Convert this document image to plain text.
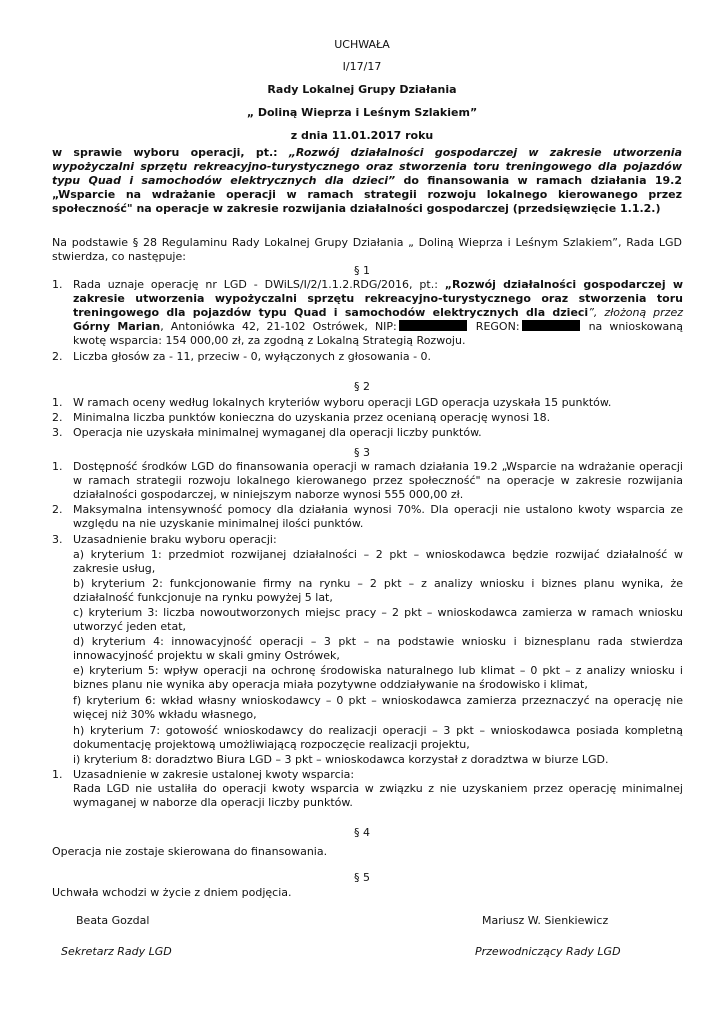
UCHWAŁA
I/17/17
Rady Lokalnej Grupy Działania
„ Doliną Wieprza i Leśnym Szlakiem”
z dnia 11.01.2017 roku
w sprawie wyboru operacji, pt.: „Rozwój działalności gospodarczej w zakresie utworzenia wypożyczalni sprzętu rekreacyjno-turystycznego oraz stworzenia toru treningowego dla pojazdów typu Quad i samochodów elektrycznych dla dzieci” do finansowania w ramach działania 19.2 „Wsparcie na wdrażanie operacji w ramach strategii rozwoju lokalnego kierowanego przez społeczność" na operacje w zakresie rozwijania działalności gospodarczej (przedsięwzięcie 1.1.2.)
Na podstawie § 28 Regulaminu Rady Lokalnej Grupy Działania „ Doliną Wieprza i Leśnym Szlakiem”, Rada LGD stwierdza, co następuje:
§ 1
1. Rada uznaje operację nr LGD - DWiLS/I/2/1.1.2.RDG/2016, pt.: „Rozwój działalności gospodarczej w zakresie utworzenia wypożyczalni sprzętu rekreacyjno-turystycznego oraz stworzenia toru treningowego dla pojazdów typu Quad i samochodów elektrycznych dla dzieci”, złożoną przez Górny Marian, Antoniówka 42, 21-102 Ostrówek, NIP:	REGON:	na wnioskowaną kwotę wsparcia: 154 000,00 zł, za zgodną z Lokalną Strategią Rozwoju.
2. Liczba głosów za - 11, przeciw - 0, wyłączonych z głosowania - 0.
§ 2
1. W ramach oceny według lokalnych kryteriów wyboru operacji LGD operacja uzyskała 15 punktów.
2. Minimalna liczba punktów konieczna do uzyskania przez ocenianą operację wynosi 18.
3. Operacja nie uzyskała minimalnej wymaganej dla operacji liczby punktów.
§ 3
1. Dostępność środków LGD do finansowania operacji w ramach działania 19.2 „Wsparcie na wdrażanie operacji w ramach strategii rozwoju lokalnego kierowanego przez społeczność" na operacje w zakresie rozwijania działalności gospodarczej, w niniejszym naborze wynosi 555 000,00 zł.
2. Maksymalna intensywność pomocy dla działania wynosi 70%. Dla operacji nie ustalono kwoty wsparcia ze względu na nie uzyskanie minimalnej ilości punktów.
3. Uzasadnienie braku wyboru operacji:
a) kryterium 1: przedmiot rozwijanej działalności – 2 pkt – wnioskodawca będzie rozwijać działalność w zakresie usług,
b) kryterium 2: funkcjonowanie firmy na rynku – 2 pkt – z analizy wniosku i biznes planu wynika, że działalność funkcjonuje na rynku powyżej 5 lat,
c) kryterium 3: liczba nowoutworzonych miejsc pracy – 2 pkt – wnioskodawca zamierza w ramach wniosku utworzyć jeden etat,
d) kryterium 4: innowacyjność operacji – 3 pkt – na podstawie wniosku i biznesplanu rada stwierdza innowacyjność projektu w skali gminy Ostrówek,
e) kryterium 5: wpływ operacji na ochronę środowiska naturalnego lub klimat – 0 pkt – z analizy wniosku i biznes planu nie wynika aby operacja miała pozytywne oddziaływanie na środowisko i klimat,
f) kryterium 6: wkład własny wnioskodawcy – 0 pkt – wnioskodawca zamierza przeznaczyć na operację nie więcej niż 30% wkładu własnego,
h) kryterium 7: gotowość wnioskodawcy do realizacji operacji – 3 pkt – wnioskodawca posiada kompletną dokumentację projektową umożliwiającą rozpoczęcie realizacji projektu,
i) kryterium 8: doradztwo Biura LGD – 3 pkt – wnioskodawca korzystał z doradztwa w biurze LGD.
1. Uzasadnienie w zakresie ustalonej kwoty wsparcia:
Rada LGD nie ustaliła do operacji kwoty wsparcia w związku z nie uzyskaniem przez operację minimalnej wymaganej w naborze dla operacji liczby punktów.
§ 4
Operacja nie zostaje skierowana do finansowania.
§ 5
Uchwała wchodzi w życie z dniem podjęcia.
Beata Gozdal
Sekretarz Rady LGD
Mariusz W. Sienkiewicz
Przewodniczący Rady LGD
